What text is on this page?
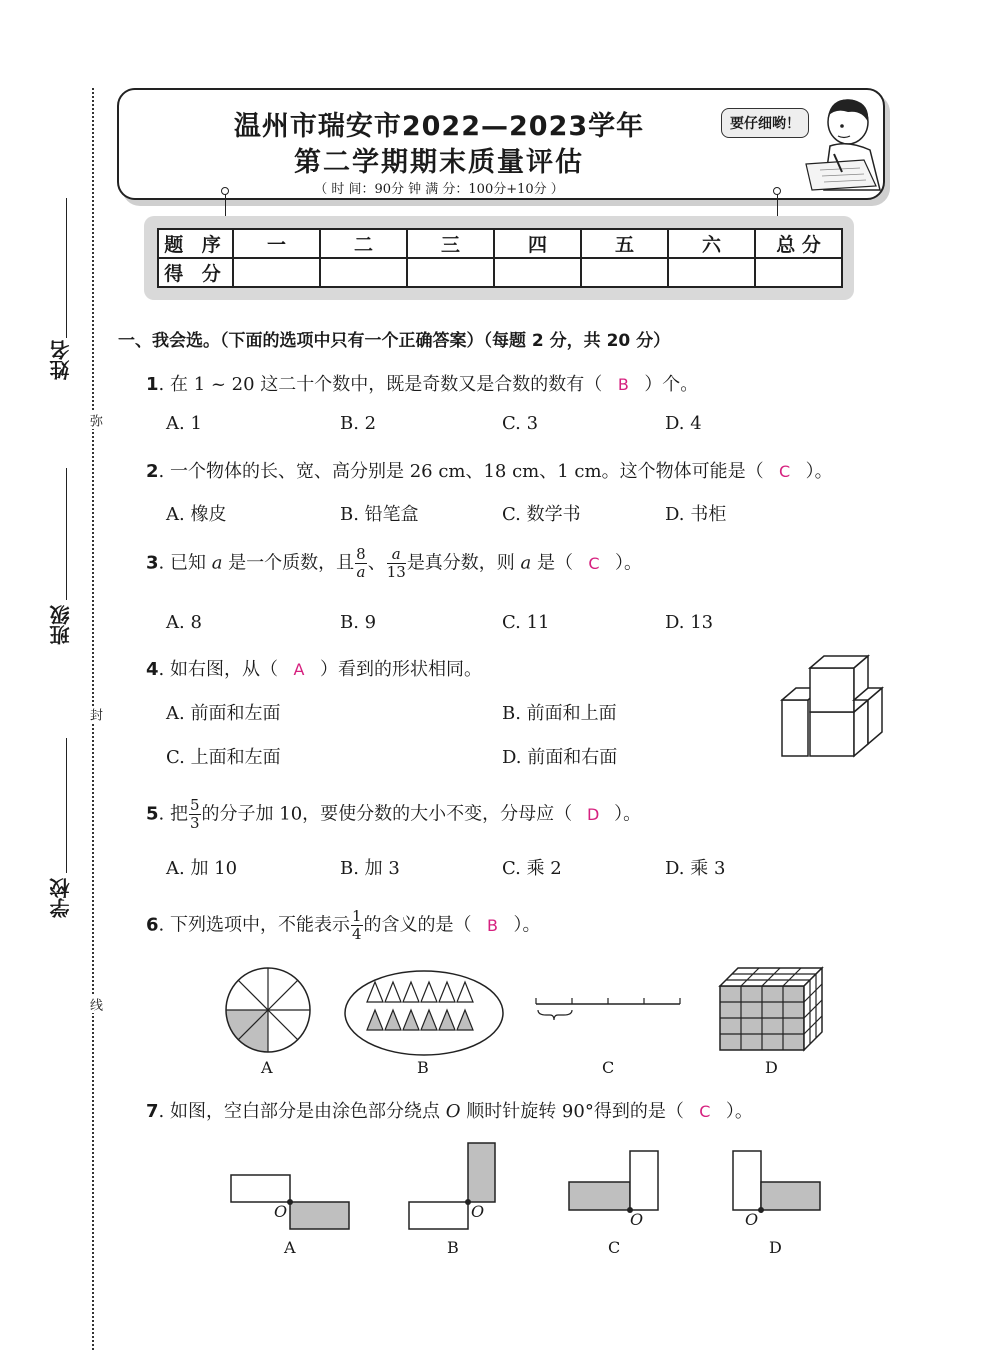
姓名
班级
学校
弥
封
线
温州市瑞安市2022—2023学年
第二学期期末质量评估
（ 时 间：90分 钟 满 分：100分+10分 ）
要仔细哟！
题 序	一	二	三	四	五	六	总 分
得 分							
一、我会选。（下面的选项中只有一个正确答案）（每题 2 分，共 20 分）
1. 在 1 ~ 20 这二十个数中，既是奇数又是合数的数有（ B ）个。
A. 1	B. 2	C. 3	D. 4
2. 一个物体的长、宽、高分别是 26 cm、18 cm、1 cm。这个物体可能是（ C ）。
A. 橡皮	B. 铅笔盒	C. 数学书	D. 书柜
3. 已知 a 是一个质数，且 $\frac{8}{a}$ 、 $\frac{a}{13}$ 是真分数，则 a 是（ C ）。
A. 8	B. 9	C. 11	D. 13
4. 如右图，从（ A ）看到的形状相同。
A. 前面和左面	B. 前面和上面
C. 上面和左面	D. 前面和右面
5. 把 $\frac{5}{3}$ 的分子加 10，要使分数的大小不变，分母应（ D ）。
A. 加 10	B. 加 3	C. 乘 2	D. 乘 3
6. 下列选项中，不能表示 $\frac{1}{4}$ 的含义的是（ B ）。
A	B	C	D
7. 如图，空白部分是由涂色部分绕点 O 顺时针旋转 90°得到的是（ C ）。
O	O	O	O
A	B	C	D
